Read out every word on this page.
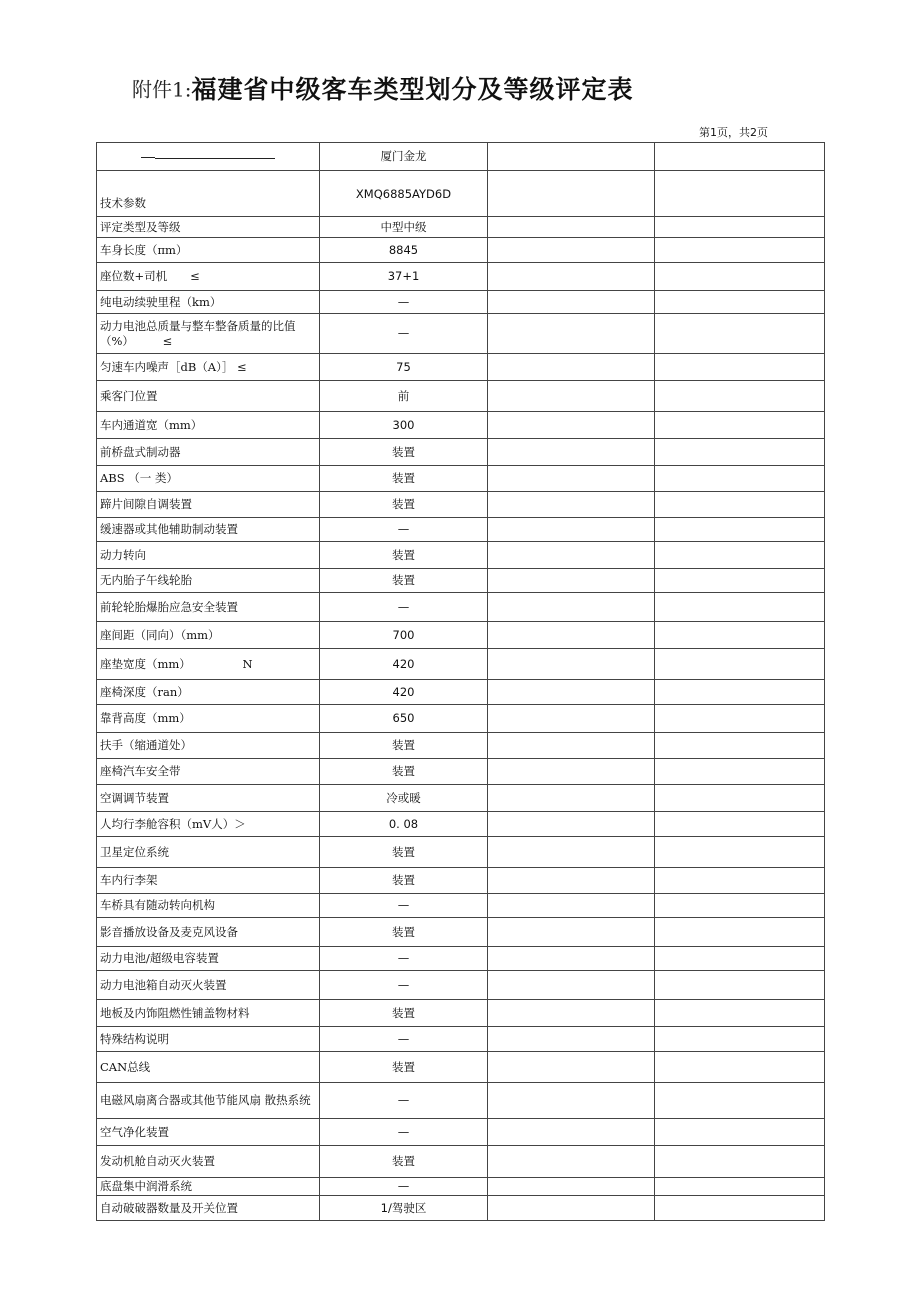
附件1:福建省中级客车类型划分及等级评定表
第1页，共2页
	厦门金龙		
技术参数	XMQ6885AYD6D		
评定类型及等级	中型中级		
车身长度（πm）	8845		
座位数+司机　　≤	37+1		
纯电动续驶里程（km）	—		
动力电池总质量与整车整备质量的比值（%）　　　≤	—		
匀速车内噪声［dB（A）］ ≤	75		
乘客门位置	前		
车内通道宽（mm）	300		
前桥盘式制动器	装置		
ABS （一 类）	装置		
蹄片间隙自调装置	装置		
缓速器或其他辅助制动装置	—		
动力转向	装置		
无内胎子午线轮胎	装置		
前轮轮胎爆胎应急安全装置	—		
座间距（同向）（mm）	700		
座垫宽度（mm）　　　　　N	420		
座椅深度（ran）	420		
靠背高度（mm）	650		
扶手（缩通道处）	装置		
座椅汽车安全带	装置		
空调调节装置	冷或暖		
人均行李舱容积（mV人）＞	0. 08		
卫星定位系统	装置		
车内行李架	装置		
车桥具有随动转向机构	—		
影音播放设备及麦克风设备	装置		
动力电池/超级电容装置	—		
动力电池箱自动灭火装置	—		
地板及内饰阻燃性铺盖物材料	装置		
特殊结构说明	—		
CAN总线	装置		
电磁风扇离合器或其他节能风扇 散热系统	—		
空气净化装置	—		
发动机舱自动灭火装置	装置		
底盘集中润滑系统	—		
自动破破器数量及开关位置	1/驾驶区		
